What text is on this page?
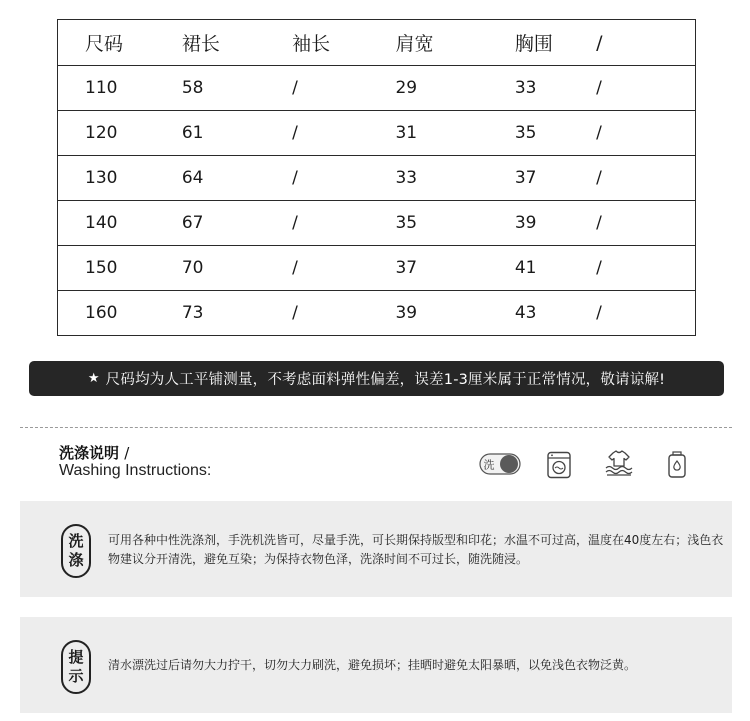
尺码	裙长	袖长	肩宽	胸围	/
110	58	/	29	33	/
120	61	/	31	35	/
130	64	/	33	37	/
140	67	/	35	39	/
150	70	/	37	41	/
160	73	/	39	43	/
★ 尺码均为人工平铺测量，不考虑面料弹性偏差，误差1-3厘米属于正常情况，敬请谅解!
洗涤说明 /
Washing Instructions:	洗
洗
涤
可用各种中性洗涤剂，手洗机洗皆可，尽量手洗，可长期保持版型和印花；水温不可过高，温度在40度左右；浅色衣物建议分开清洗，避免互染；为保持衣物色泽，洗涤时间不可过长，随洗随浸。
提
示
清水漂洗过后请勿大力拧干，切勿大力刷洗，避免损坏；挂晒时避免太阳暴晒，以免浅色衣物泛黄。
